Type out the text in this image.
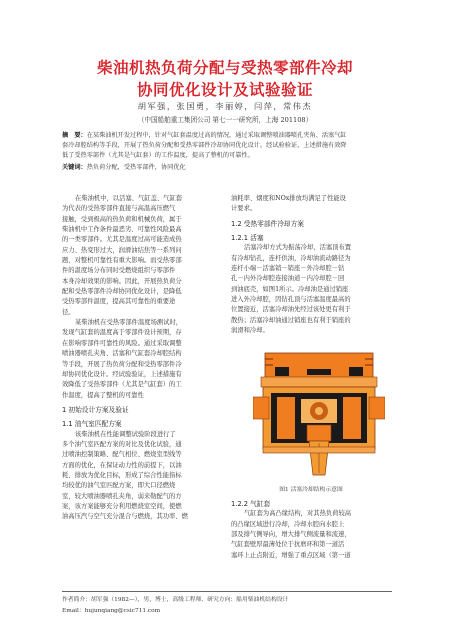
柴油机热负荷分配与受热零部件冷却
协同优化设计及试验验证
胡军强，张国勇，李丽婷，闫萍，常伟杰
（中国船舶重工集团公司 第七一一研究所，上海 201108）
摘　要：在某柴油机开发过程中，针对气缸套温度过高的情况，通过采取调整喷油器喷孔夹角、活塞气缸
套冷却腔结构等手段，开展了热负荷分配和受热零部件冷却协同优化设计。经试验验证，上述措施有效降
低了受热零部件（尤其是气缸套）的工作温度，提高了整机的可靠性。
关键词：热负荷分配，受热零部件，协同优化
在柴油机中，以活塞、气缸盖、气缸套
为代表的受热零部件直接与高温高压燃气
接触，受到极高的热负荷和机械负荷，属于
柴油机中工作条件最恶劣、可靠性风险最高
的一类零部件。尤其是温度过高可能造成热
应力、热变形过大，润滑油结焦等一系列问
题，对整机可靠性有重大影响。而受热零部
件的温度场分布同时受燃烧组织与零部件
本身冷却效果的影响。因此，开展热负荷分
配和受热零部件冷却协同优化设计，是降低
受热零部件温度，提高其可靠性的重要途
径。
某柴油机在受热零部件温度场测试时，
发现气缸套的温度高于零部件设计预期，存
在影响零部件可靠性的风险。通过采取调整
喷油器喷孔夹角、活塞和气缸套冷却腔结构
等手段，开展了热负荷分配和受热零部件冷
却协同优化设计。经试验验证，上述措施有
效降低了受热零部件（尤其是气缸套）的工
作温度，提高了整机的可靠性
1 初始设计方案及验证
1.1 油气室匹配方案
该柴油机在性能调整试验阶段进行了
多个油气室匹配方案的对比及优化试验，通
过喷油控制策略、配气相位、燃烧室型线等
方面的优化，在保证动力性的前提下，以油
耗、排放为优化目标，形成了综合性能指标
均较优的油气室匹配方案，即大口径燃烧
室，较大喷油器喷孔夹角，弱来勒配气的方
案，该方案能够充分利用燃烧室空间，使燃
油高压汽与空气充分混合与燃烧，其功率、燃
油耗率、烟度和NOx排放均满足了性能设
计要求。
1.2 受热零部件冷却方案
1.2.1 活塞
活塞冷却方式为振荡冷却，活塞顶布置
有冷却钻孔，连杆供油，冷却油流动路径为
连杆小端－活塞销－销座－外冷却腔－钻
孔－内外冷却腔连接油道－内冷却腔－回
到油底壳，如图1所示。冷却油是通过销座
进入外冷却腔，因钻孔顶与活塞温度最高的
位置接近，活塞冷却油先经过该处更有利于
散热；活塞冷却油通过销座也有利于销座的
润滑和冷却。
图1 活塞冷却结构示意图
1.2.2 气缸套
气缸套为高凸缘结构，对其热负荷较高
的凸缘区域进行冷却，冷却水腔向水腔上
部及排气侧导向，增大排气侧流量和流速，
气缸套壁厚最薄处位于抗磨环和第一道活
塞环上止点附近，增强了重点区域（第一道
作者简介：胡军强（1982—），男，博士，高级工程师，研究方向：船用柴油机结构设计
Email：hujunqiang@csic711.com
